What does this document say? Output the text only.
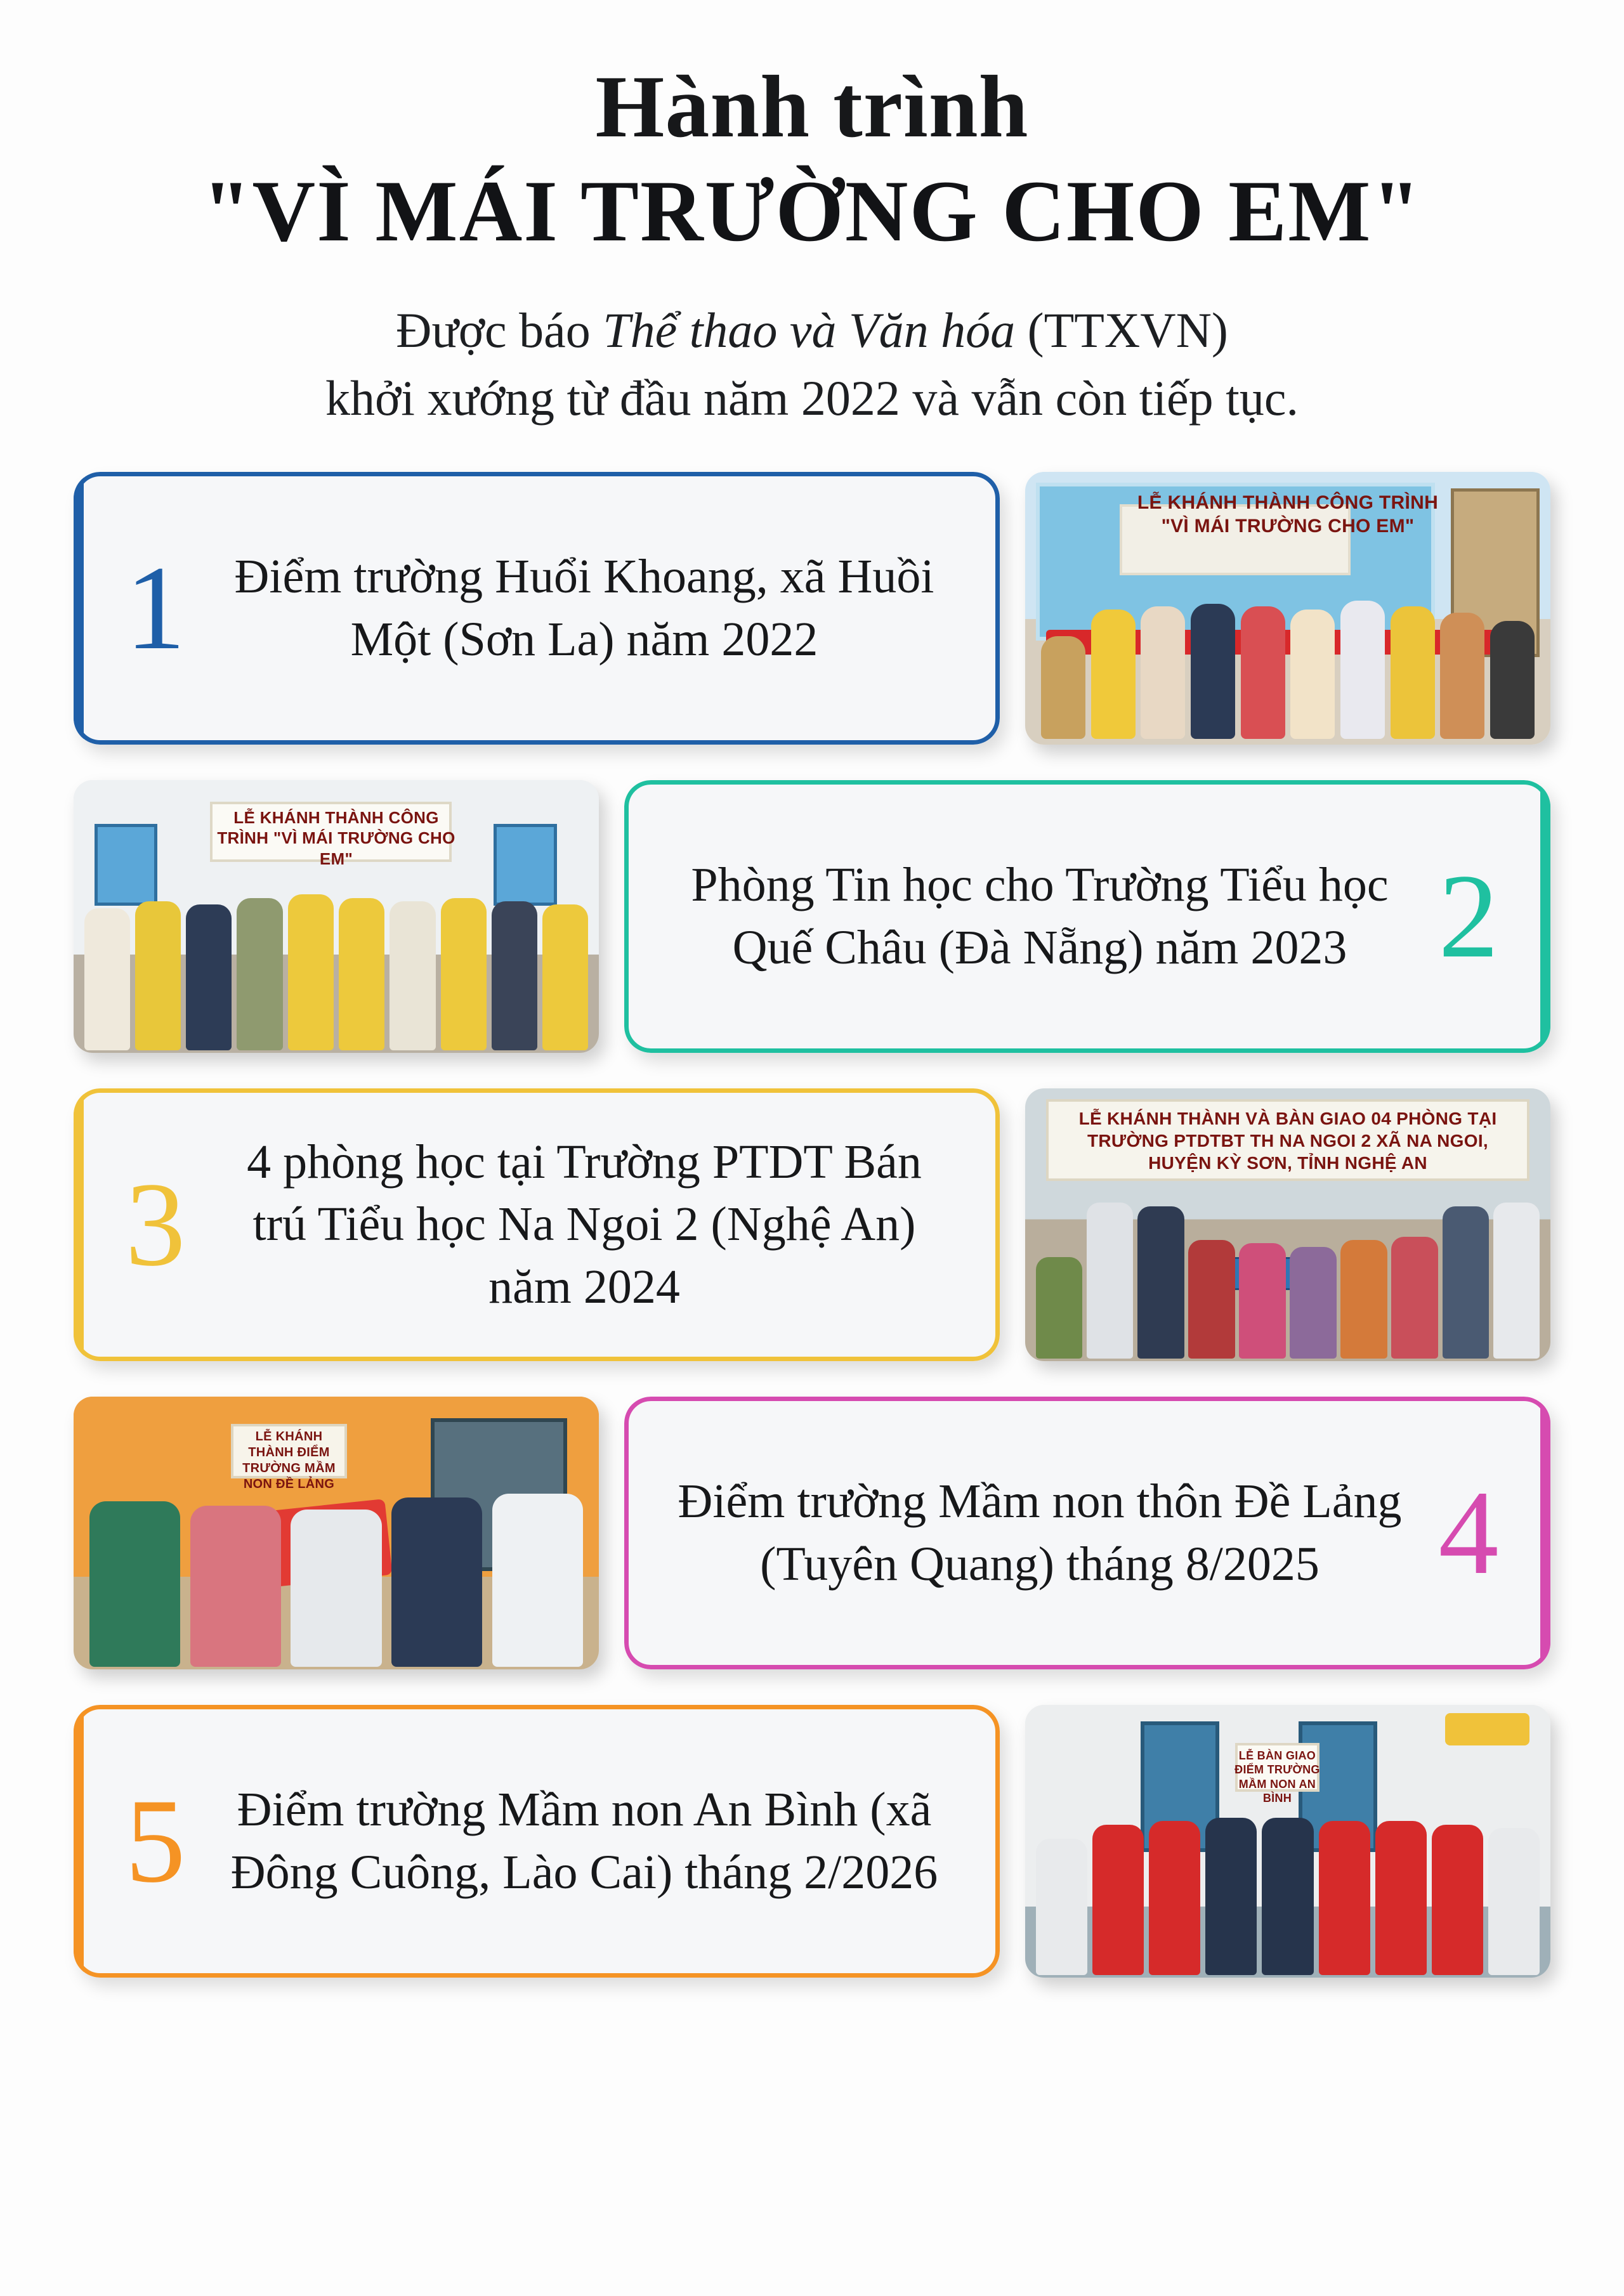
Hành trình
"VÌ MÁI TRƯỜNG CHO EM"
Được báo Thể thao và Văn hóa (TTXVN)
khởi xướng từ đầu năm 2022 và vẫn còn tiếp tục.
1	Điểm trường Huổi Khoang, xã Huồi Một (Sơn La) năm 2022
LỄ KHÁNH THÀNH CÔNG TRÌNH "VÌ MÁI TRƯỜNG CHO EM"
2
Phòng Tin học cho Trường Tiểu học Quế Châu (Đà Nẵng) năm 2023
LỄ KHÁNH THÀNH CÔNG TRÌNH "VÌ MÁI TRƯỜNG CHO EM"
3	4 phòng học tại Trường PTDT Bán trú Tiểu học Na Ngoi 2 (Nghệ An) năm 2024
LỄ KHÁNH THÀNH VÀ BÀN GIAO 04 PHÒNG TẠI TRƯỜNG PTDTBT TH NA NGOI 2 XÃ NA NGOI, HUYỆN KỲ SƠN, TỈNH NGHỆ AN
4
Điểm trường Mầm non thôn Đề Lảng (Tuyên Quang) tháng 8/2025
LỄ KHÁNH THÀNH ĐIỂM TRƯỜNG MẦM NON ĐỀ LẢNG
5	Điểm trường Mầm non An Bình (xã Đông Cuông, Lào Cai) tháng 2/2026
LỄ BÀN GIAO ĐIỂM TRƯỜNG MẦM NON AN BÌNH
